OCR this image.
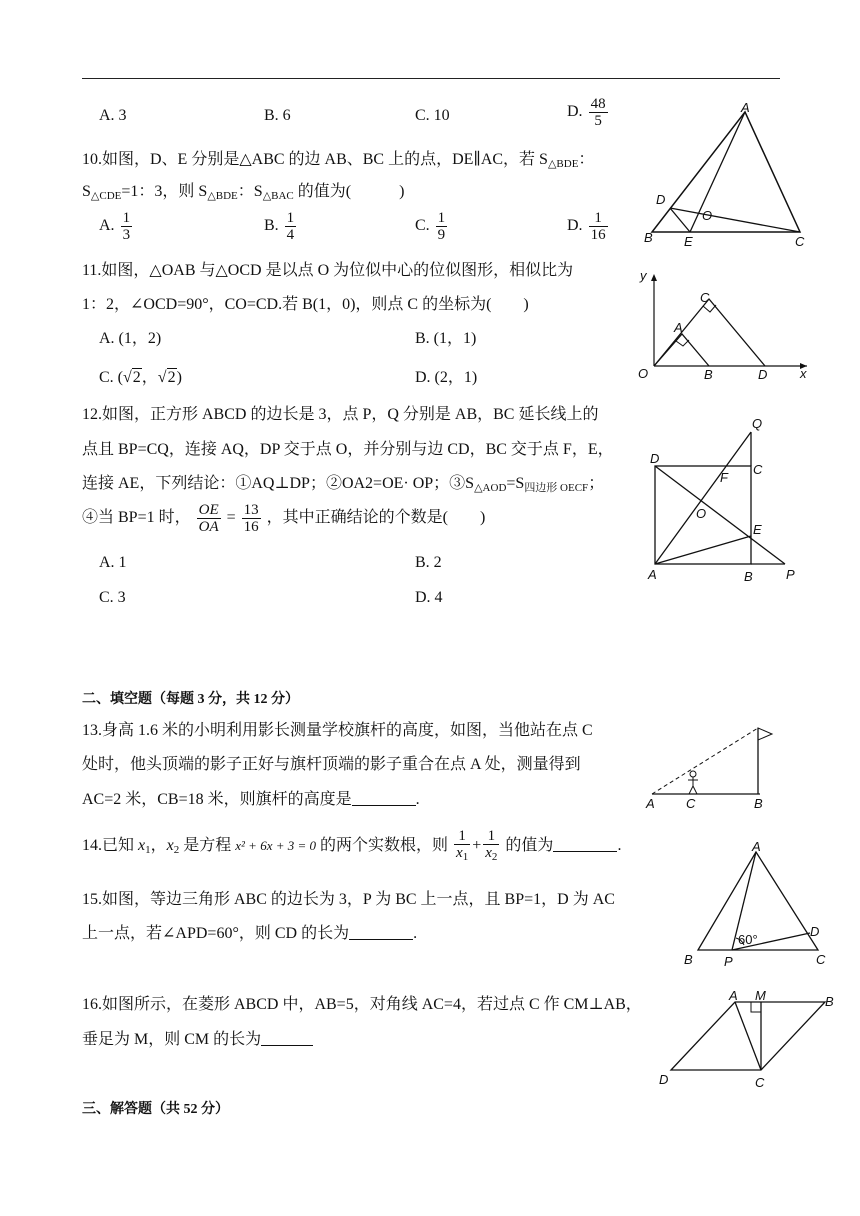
A. 3	B. 6	C. 10	D. $\frac{48}{5}$
10.如图，D、E 分别是△ABC 的边 AB、BC 上的点，DE∥AC，若 $S_{\triangle BDE}$：
$S_{\triangle CDE}=1$：3，则 $S_{\triangle BDE}$：$S_{\triangle BAC}$ 的值为(　　　)
A. $\frac{1}{3}$	B. $\frac{1}{4}$	C. $\frac{1}{9}$	D. $\frac{1}{16}$
11.如图，△OAB 与△OCD 是以点 O 为位似中心的位似图形，相似比为
1：2，∠OCD=90°，CO=CD.若 B(1，0)，则点 C 的坐标为(　　)
A. (1，2)	B. (1，1)
C. (√2，√2)	D. (2，1)
12.如图，正方形 ABCD 的边长是 3，点 P，Q 分别是 AB，BC 延长线上的
点且 BP=CQ，连接 AQ，DP 交于点 O，并分别与边 CD，BC 交于点 F，E，
连接 AE，下列结论：①AQ⊥DP；②OA2=OE· OP；$③S_{\triangle AOD}=S_{四边形 OECF}$；
④当 BP=1 时， $\frac{OE}{OA} = \frac{13}{16}$ ，其中正确结论的个数是(　　)
A. 1	B. 2
C. 3	D. 4
二、填空题（每题 3 分，共 12 分）
13.身高 1.6 米的小明利用影长测量学校旗杆的高度，如图，当他站在点 C
处时，他头顶端的影子正好与旗杆顶端的影子重合在点 A 处，测量得到
AC=2 米，CB=18 米，则旗杆的高度是	.
14.已知 $x_1$，$x_2$ 是方程 x² + 6x + 3 = 0 的两个实数根，则 $\frac{1}{x_1} + \frac{1}{x_2}$ 的值为	.
15.如图，等边三角形 ABC 的边长为 3，P 为 BC 上一点，且 BP=1，D 为 AC
上一点，若∠APD=60°，则 CD 的长为	.
16.如图所示，在菱形 ABCD 中，AB=5，对角线 AC=4，若过点 C 作 CM⊥AB，
垂足为 M，则 CM 的长为
三、解答题（共 52 分）
A
D
O
B E	C
y
C
A
O	B	D	x
Q
D
C
F
O
E
A	B	P
A C	B
A
D
60°
B P	C
A M	B
D	C
